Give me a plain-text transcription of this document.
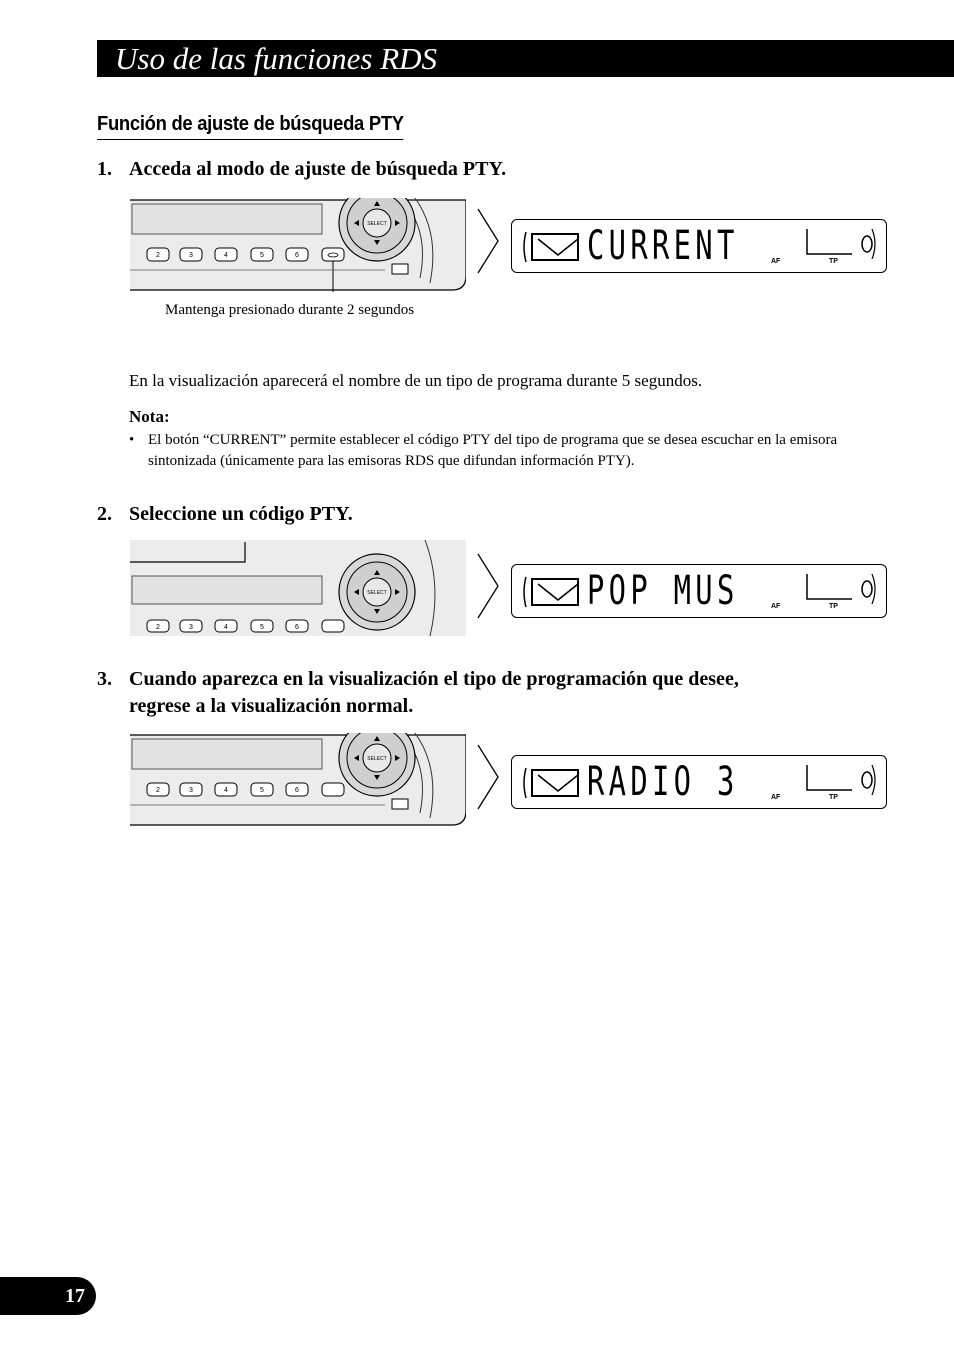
Uso de las funciones RDS
Función de ajuste de búsqueda PTY
1. Acceda al modo de ajuste de búsqueda PTY.
SELECT
2	3	4	5	6
Mantenga presionado durante 2 segundos
CURRENT	AF	TP
En la visualización aparecerá el nombre de un tipo de programa durante 5 segundos.
Nota:
• El botón “CURRENT” permite establecer el código PTY del tipo de programa que se desea escuchar en la emisora sintonizada (únicamente para las emisoras RDS que difundan información PTY).
2. Seleccione un código PTY.
SELECT
2	3	4	5	6
POP MUS	AF	TP
3. Cuando aparezca en la visualización el tipo de programación que desee,
regrese a la visualización normal.
SELECT
2	3	4	5	6	RADIO 3	AF	TP
17
